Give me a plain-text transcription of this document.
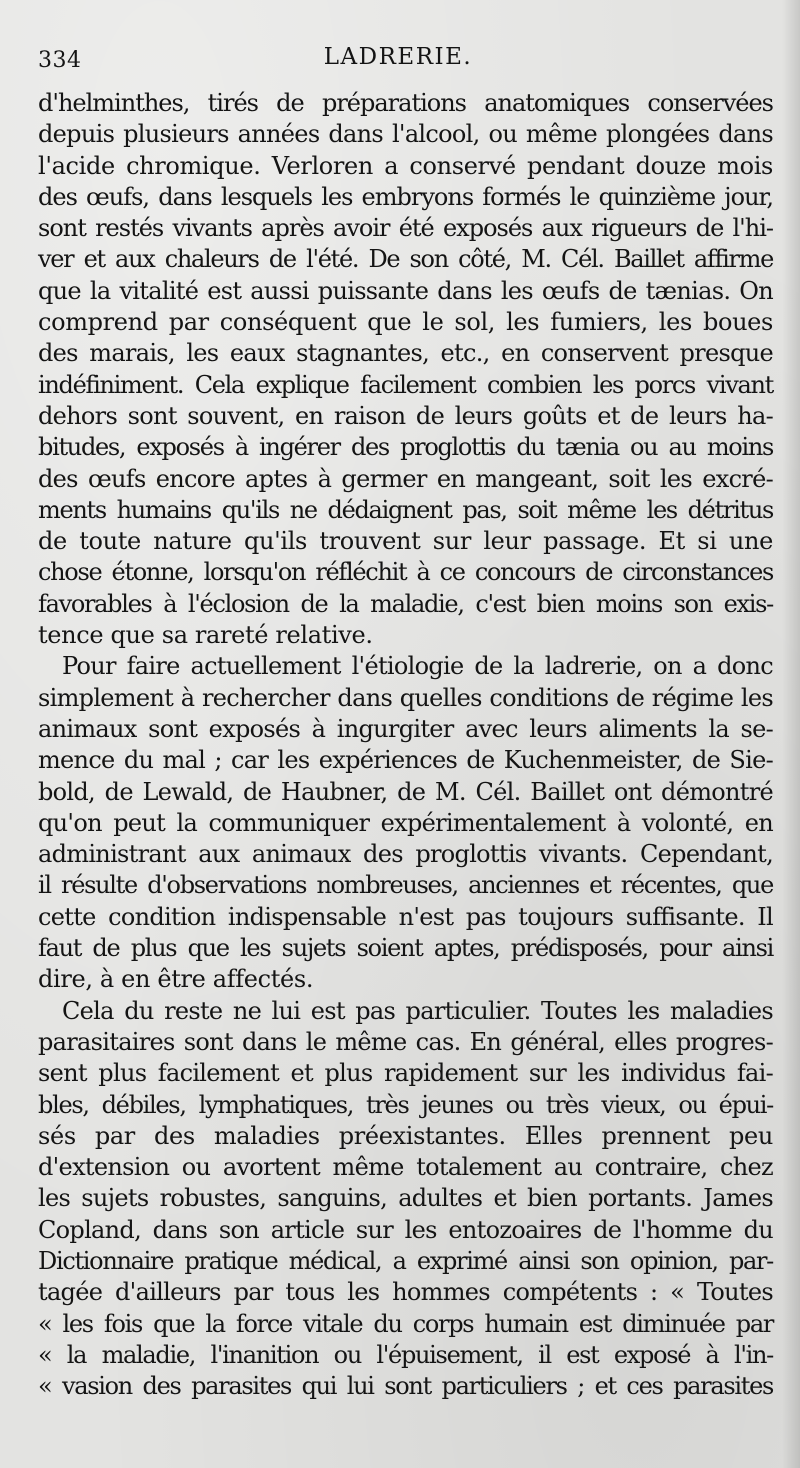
334	LADRERIE.
d'helminthes, tirés de préparations anatomiques conservées
depuis plusieurs années dans l'alcool, ou même plongées dans
l'acide chromique. Verloren a conservé pendant douze mois
des œufs, dans lesquels les embryons formés le quinzième jour,
sont restés vivants après avoir été exposés aux rigueurs de l'hi-
ver et aux chaleurs de l'été. De son côté, M. Cél. Baillet affirme
que la vitalité est aussi puissante dans les œufs de tænias. On
comprend par conséquent que le sol, les fumiers, les boues
des marais, les eaux stagnantes, etc., en conservent presque
indéfiniment. Cela explique facilement combien les porcs vivant
dehors sont souvent, en raison de leurs goûts et de leurs ha-
bitudes, exposés à ingérer des proglottis du tænia ou au moins
des œufs encore aptes à germer en mangeant, soit les excré-
ments humains qu'ils ne dédaignent pas, soit même les détritus
de toute nature qu'ils trouvent sur leur passage. Et si une
chose étonne, lorsqu'on réfléchit à ce concours de circonstances
favorables à l'éclosion de la maladie, c'est bien moins son exis-
tence que sa rareté relative.
Pour faire actuellement l'étiologie de la ladrerie, on a donc
simplement à rechercher dans quelles conditions de régime les
animaux sont exposés à ingurgiter avec leurs aliments la se-
mence du mal ; car les expériences de Kuchenmeister, de Sie-
bold, de Lewald, de Haubner, de M. Cél. Baillet ont démontré
qu'on peut la communiquer expérimentalement à volonté, en
administrant aux animaux des proglottis vivants. Cependant,
il résulte d'observations nombreuses, anciennes et récentes, que
cette condition indispensable n'est pas toujours suffisante. Il
faut de plus que les sujets soient aptes, prédisposés, pour ainsi
dire, à en être affectés.
Cela du reste ne lui est pas particulier. Toutes les maladies
parasitaires sont dans le même cas. En général, elles progres-
sent plus facilement et plus rapidement sur les individus fai-
bles, débiles, lymphatiques, très jeunes ou très vieux, ou épui-
sés par des maladies préexistantes. Elles prennent peu
d'extension ou avortent même totalement au contraire, chez
les sujets robustes, sanguins, adultes et bien portants. James
Copland, dans son article sur les entozoaires de l'homme du
Dictionnaire pratique médical, a exprimé ainsi son opinion, par-
tagée d'ailleurs par tous les hommes compétents : « Toutes
« les fois que la force vitale du corps humain est diminuée par
« la maladie, l'inanition ou l'épuisement, il est exposé à l'in-
« vasion des parasites qui lui sont particuliers ; et ces parasites
